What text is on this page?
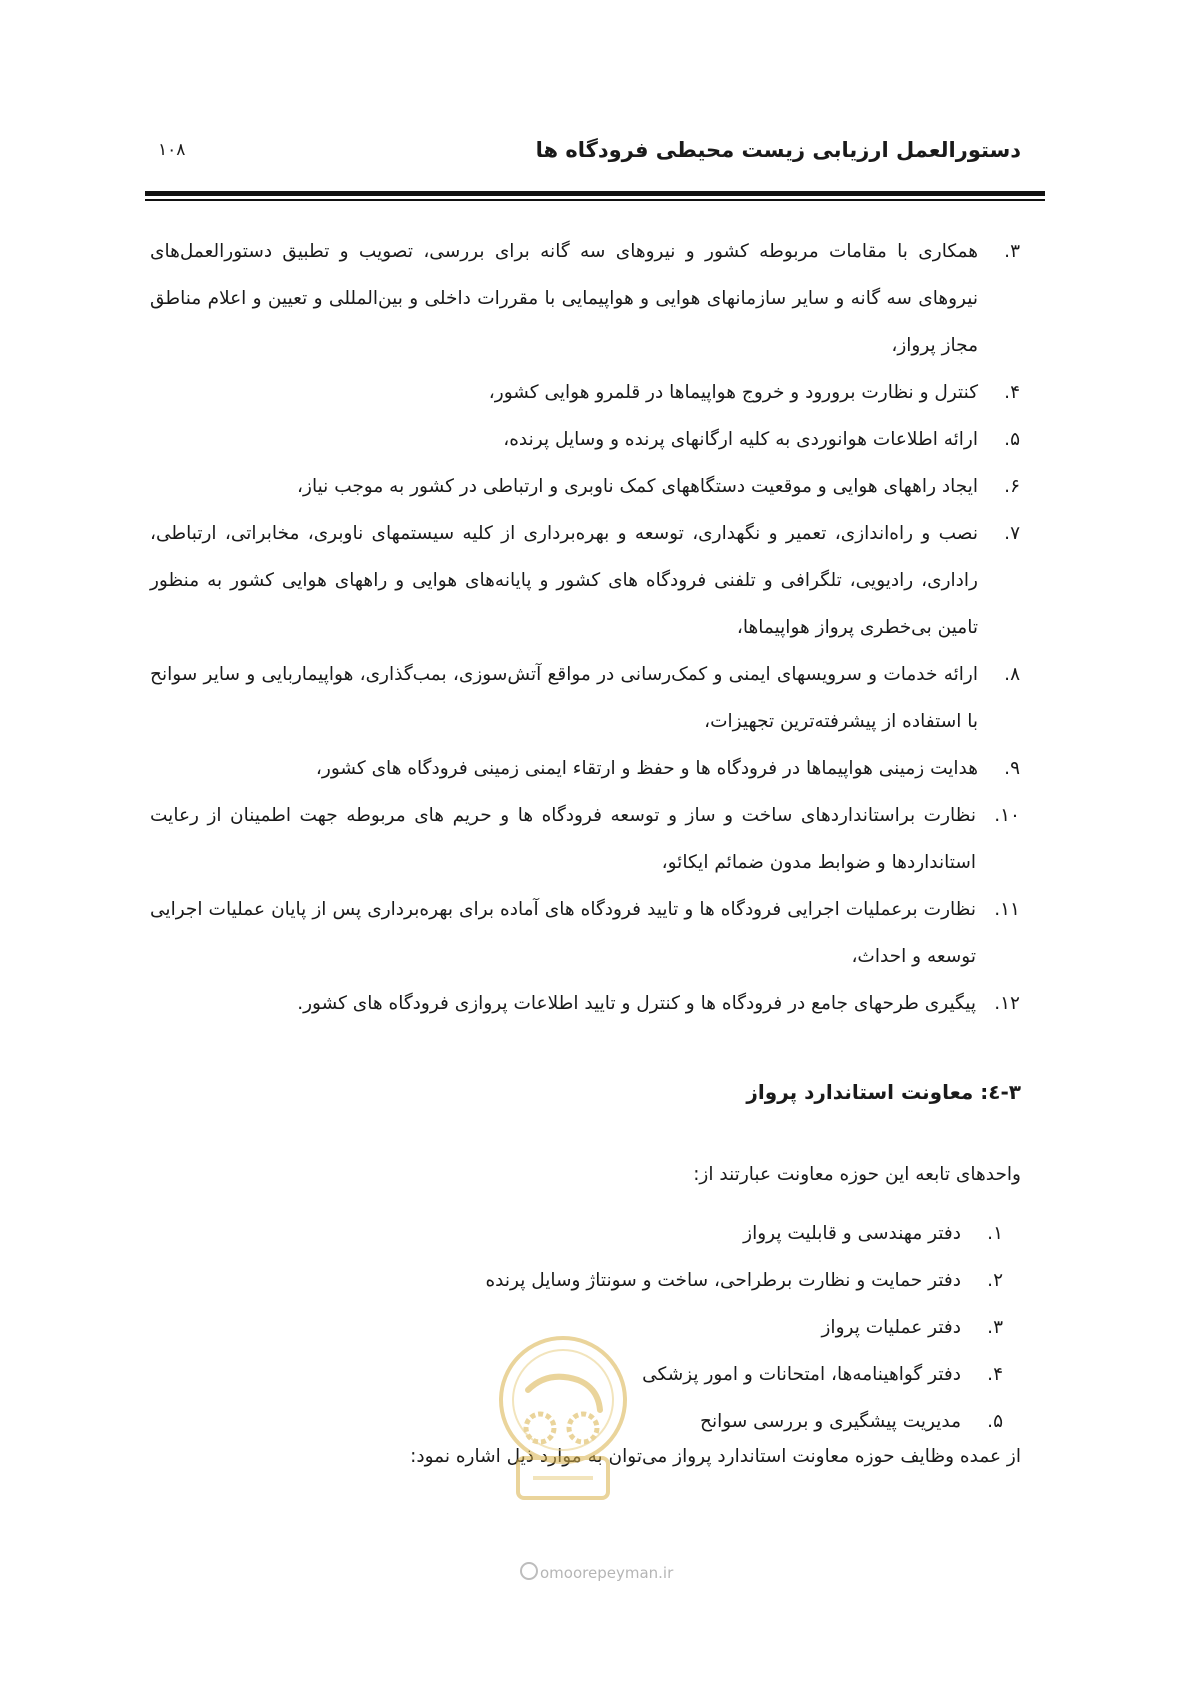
دستورالعمل ارزیابی زیست محیطی فرودگاه ها
۱۰۸
۳.
همکاری با مقامات مربوطه کشور و نیروهای سه گانه برای بررسی، تصویب و تطبیق دستورالعمل‌های نیروهای سه گانه و سایر سازمانهای هوایی و هواپیمایی با مقررات داخلی و بین‌المللی و تعیین و اعلام مناطق مجاز پرواز،
۴.
کنترل و نظارت برورود و خروج هواپیماها در قلمرو هوایی کشور،
۵.
ارائه اطلاعات هوانوردی به کلیه ارگانهای پرنده و وسایل پرنده،
۶.
ایجاد راههای هوایی و موقعیت دستگاههای کمک ناوبری و ارتباطی در کشور به موجب نیاز،
۷.
نصب و راه‌اندازی، تعمیر و نگهداری، توسعه و بهره‌برداری از کلیه سیستمهای ناوبری، مخابراتی، ارتباطی، راداری، رادیویی، تلگرافی و تلفنی فرودگاه های کشور و پایانه‌های هوایی و راههای هوایی کشور به منظور تامین بی‌خطری پرواز هواپیماها،
۸.
ارائه خدمات و سرویسهای ایمنی و کمک‌رسانی در مواقع آتش‌سوزی، بمب‌گذاری، هواپیماربایی و سایر سوانح با استفاده از پیشرفته‌ترین تجهیزات،
۹.
هدایت زمینی هواپیماها در فرودگاه ها و حفظ و ارتقاء ایمنی زمینی فرودگاه های کشور،
۱۰.
نظارت براستانداردهای ساخت و ساز و توسعه فرودگاه ها و حریم های مربوطه جهت اطمینان از رعایت استانداردها و ضوابط مدون ضمائم ایکائو،
۱۱.
نظارت برعملیات اجرایی فرودگاه ها و تایید فرودگاه های آماده برای بهره‌برداری پس از پایان عملیات اجرایی توسعه و احداث،
۱۲.
پیگیری طرحهای جامع در فرودگاه ها و کنترل و تایید اطلاعات پروازی فرودگاه های کشور.
۳-٤: معاونت استاندارد پرواز
واحدهای تابعه این حوزه معاونت عبارتند از:
۱.
دفتر مهندسی و قابلیت پرواز
۲.
دفتر حمایت و نظارت برطراحی، ساخت و سونتاژ وسایل پرنده
۳.
دفتر عملیات پرواز
۴.
دفتر گواهینامه‌ها، امتحانات و امور پزشکی
۵.
مدیریت پیشگیری و بررسی سوانح
از عمده وظایف حوزه معاونت استاندارد پرواز می‌توان به موارد ذیل اشاره نمود:
omoorepeyman.ir
